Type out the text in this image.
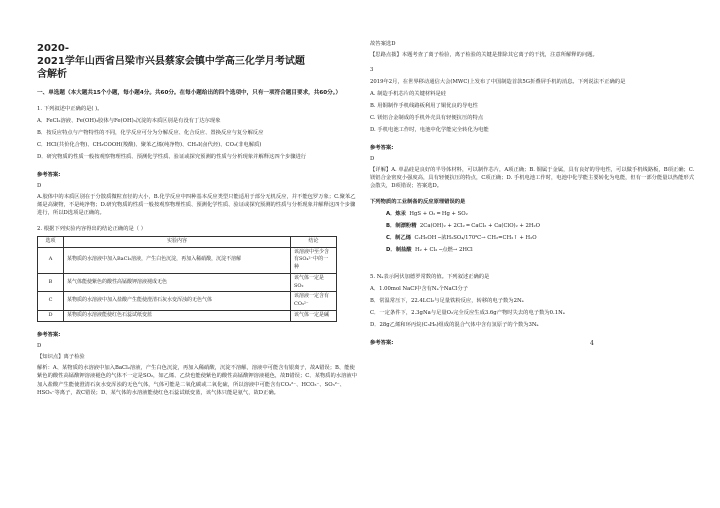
2020-
2021学年山西省吕梁市兴县蔡家会镇中学高三化学月考试题
含解析
一、单选题（本大题共15个小题，每小题4分。共60分。在每小题给出的四个选项中，只有一项符合题目要求，共60分。）
1. 下列叙述中正确的是( )。
A．FeCl₂溶液、Fe(OH)₃胶体与Fe(OH)₃沉淀的本质区别是有没有丁达尔现象
B．按反应特点与产物特性的不同，化学反应可分为分解反应、化合反应、置换反应与复分解反应
C．HCl(共价化合物)、CH₃COOH(羧酸)、聚苯乙烯(纯净物)、CH₃I(卤代烃)、CO₂(非电解质)
D．研究物质的性质一般按观察物理性质、预测化学性质、验证或探究预测的性质与分析现象并解释这四个步骤进行
参考答案:
D
A.胶体中的本质区别在于分散质微粒直径的大小，B.化学反应中四种基本反应类型只能适用于部分无机反应，并不能包罗万象；C.聚苯乙烯是高聚物，不是纯净物；D.研究物质的性质一般按观察物理性质、预测化学性质、验证或探究预测的性质与分析现象并解释这四个步骤进行，所以D选项是正确的。
2. 根据下列实验内容得出的结论正确的是（ ）
选项	实验内容	结论
A	某物质的水溶液中加入BaCl₂溶液，产生白色沉淀，再加入稀硝酸，沉淀不溶解	该溶液中至少含有SO₄²⁻中的一种
B	某气体能使紫色的酸性高锰酸钾溶液褪成无色	该气体一定是SO₂
C	某物质的水溶液中加入盐酸产生能使澄清石灰水变浑浊的无色气体	该溶液一定含有CO₃²⁻
D	某物质的水溶液能使红色石蕊试纸变蓝	该气体一定是碱
参考答案:
D
【知识点】离子检验
解析：A、某物质的水溶液中加入BaCl₂溶液，产生白色沉淀，再加入稀硝酸，沉淀不溶解，溶液中可能含有银离子，故A错误；B、能使紫色的酸性高锰酸钾溶液褪色的气体不一定是SO₂，如乙烯、乙炔也能使紫色的酸性高锰酸钾溶液褪色，故B错误；C、某物质的水溶液中加入盐酸产生能使澄清石灰水变浑浊的无色气体，气体可能是二氧化碳或二氧化硫，所以溶液中可能含有CO₃²⁻、HCO₃⁻、SO₃²⁻、HSO₃⁻等离子，故C错误；D、某气体的水溶液能使红色石蕊试纸变蓝，该气体只能是氨气，故D正确。
故答案选D
【思路点拨】本题考查了离子检验，离子检验的关键是排除其它离子的干扰，注意所解释的问题。
3
2019年2月，在世界移动通信大会(MWC)上发布了中国制造首款5G折叠屏手机的消息。下列说法不正确的是
A. 制造手机芯片的关键材料是硅
B. 用铜制作手机线路板利用了铜优良的导电性
C. 镁铝合金制成的手机外壳具有轻便抗压的特点
D. 手机电池工作时，电池中化学能完全转化为电能
参考答案:
D
【详解】A. 单晶硅是良好的半导体材料，可以制作芯片，A项正确；B. 铜属于金属，具有良好的导电性，可以做手机线路板，B项正确；C. 镁铝合金密度小强度高，具有轻便抗压的特点，C项正确；D. 手机电池工作时，电池中化学能主要转化为电能，但有一部分能量以热能形式会散失，D项错误；答案选D。
下列物质的工业制备的反应原理错误的是
A．炼汞 HgS + O₂ ═ Hg + SO₂
B．制漂粉精 2Ca(OH)₂ + 2Cl₂ ═ CaCl₂ + Ca(ClO)₂ + 2H₂O
C．制乙烯 C₂H₅OH ─浓H₂SO₄/170℃→ CH₂=CH₂↑ + H₂O
D．制盐酸 H₂ + Cl₂ ─点燃→ 2HCl
5. Nₐ表示阿伏加德罗常数的值。下列叙述正确的是
A．1.00mol NaCl中含有Nₐ个NaCl分子
B．常温常压下，22.4LCl₂与足量铁粉反应，转移的电子数为2Nₐ
C．一定条件下，2.3gNa与足量O₂完全反应生成3.6g产物时失去的电子数为0.1Nₐ
D．28g乙烯和环丙烷(C₃H₆)组成的混合气体中含有氢原子的个数为3Nₐ
参考答案:	4
